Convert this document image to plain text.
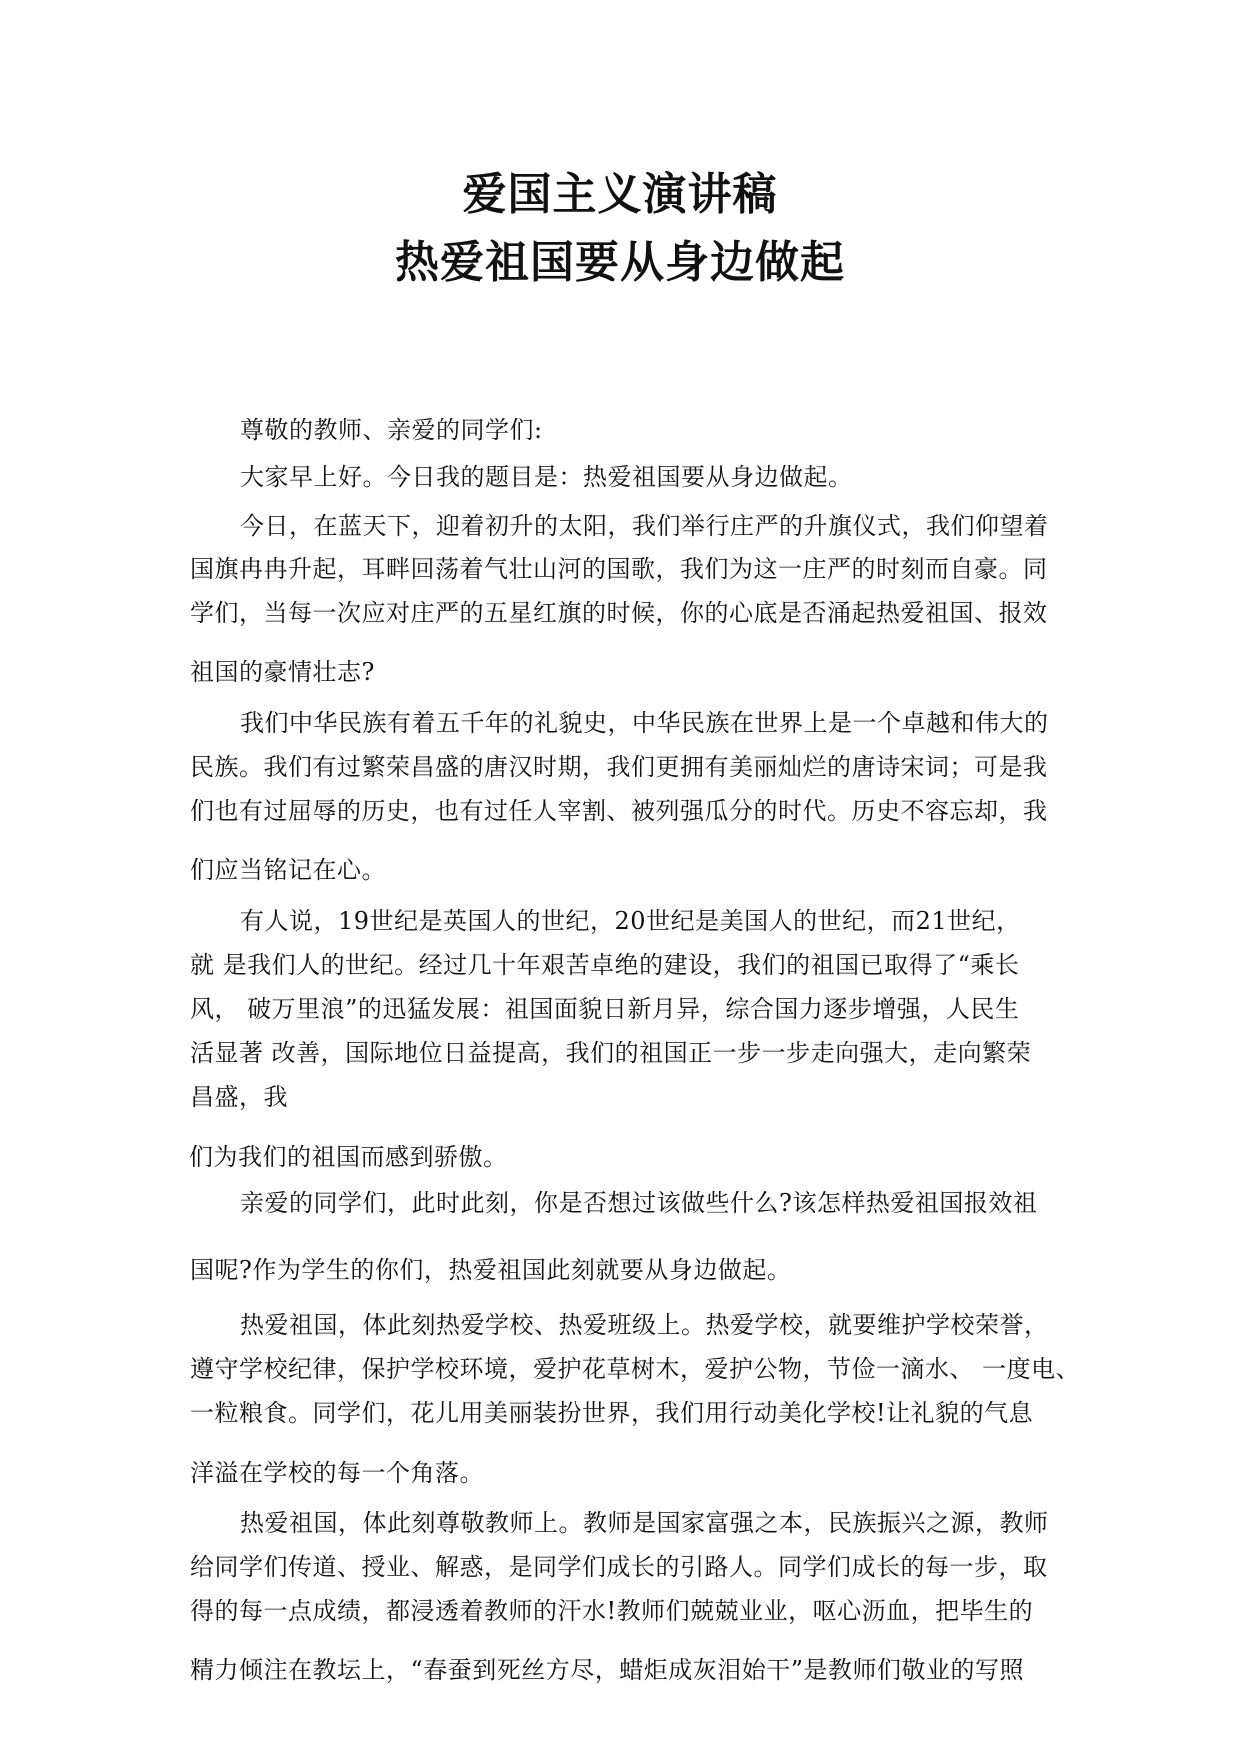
爱国主义演讲稿
热爱祖国要从身边做起

尊敬的教师、亲爱的同学们:

大家早上好。今日我的题目是：热爱祖国要从身边做起。

今日，在蓝天下，迎着初升的太阳，我们举行庄严的升旗仪式，我们仰望着

国旗冉冉升起，耳畔回荡着气壮山河的国歌，我们为这一庄严的时刻而自豪。同

学们，当每一次应对庄严的五星红旗的时候，你的心底是否涌起热爱祖国、报效

祖国的豪情壮志?

我们中华民族有着五千年的礼貌史，中华民族在世界上是一个卓越和伟大的

民族。我们有过繁荣昌盛的唐汉时期，我们更拥有美丽灿烂的唐诗宋词；可是我

们也有过屈辱的历史，也有过任人宰割、被列强瓜分的时代。历史不容忘却，我

们应当铭记在心。

有人说，19世纪是英国人的世纪，20世纪是美国人的世纪，而21世纪，

就 是我们人的世纪。经过几十年艰苦卓绝的建设，我们的祖国已取得了“乘长

风， 破万里浪”的迅猛发展：祖国面貌日新月异，综合国力逐步增强，人民生

活显著 改善，国际地位日益提高，我们的祖国正一步一步走向强大，走向繁荣

昌盛，我

们为我们的祖国而感到骄傲。

亲爱的同学们，此时此刻，你是否想过该做些什么?该怎样热爱祖国报效祖

国呢?作为学生的你们，热爱祖国此刻就要从身边做起。

热爱祖国，体此刻热爱学校、热爱班级上。热爱学校，就要维护学校荣誉，

遵守学校纪律，保护学校环境，爱护花草树木，爱护公物，节俭一滴水、 一度电、

一粒粮食。同学们，花儿用美丽装扮世界，我们用行动美化学校!让礼貌的气息

洋溢在学校的每一个角落。

热爱祖国，体此刻尊敬教师上。教师是国家富强之本，民族振兴之源，教师

给同学们传道、授业、解惑，是同学们成长的引路人。同学们成长的每一步，取

得的每一点成绩，都浸透着教师的汗水!教师们兢兢业业，呕心沥血，把毕生的

精力倾注在教坛上，“春蚕到死丝方尽，蜡炬成灰泪始干”是教师们敬业的写照
